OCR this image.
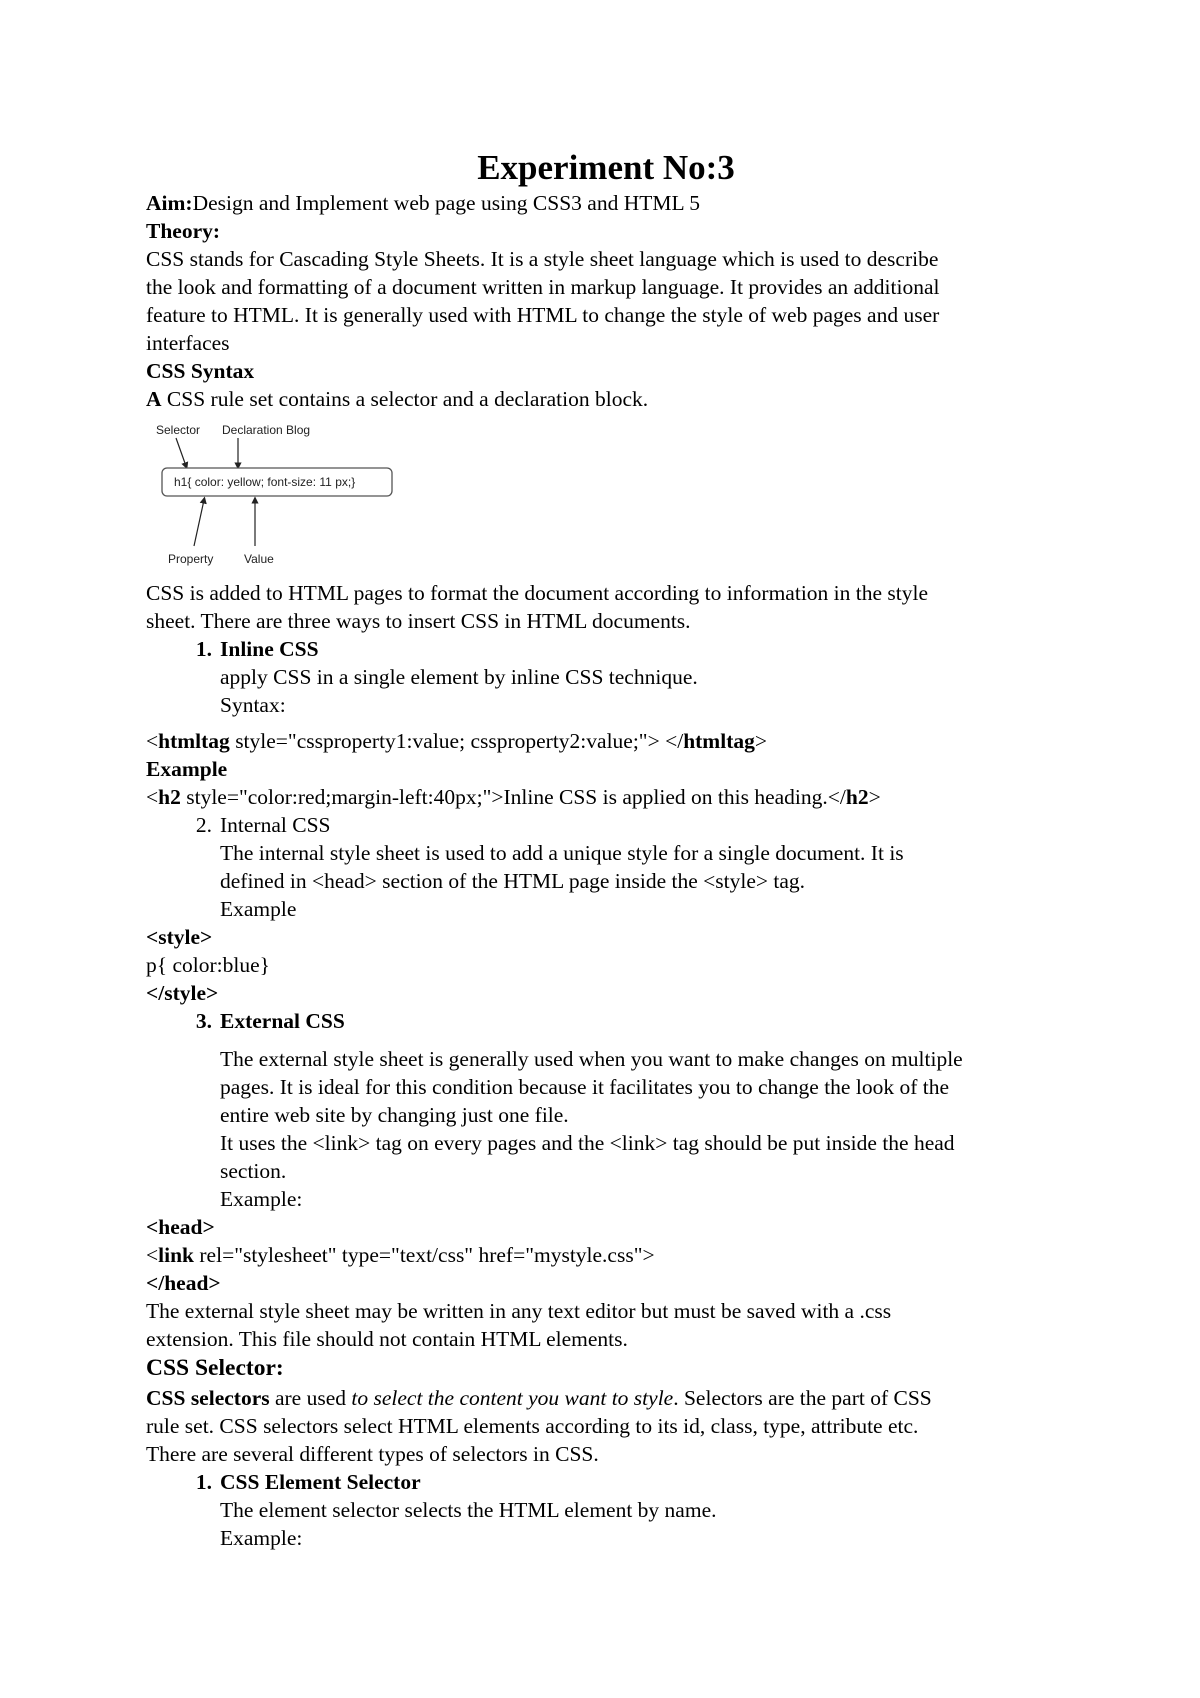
Experiment No:3
Aim:Design and Implement web page using CSS3 and HTML 5
Theory:
CSS stands for Cascading Style Sheets. It is a style sheet language which is used to describe
the look and formatting of a document written in markup language. It provides an additional
feature to HTML. It is generally used with HTML to change the style of web pages and user
interfaces
CSS Syntax
A CSS rule set contains a selector and a declaration block.
Selector Declaration Blog
h1{ color: yellow; font-size: 11 px;}
Property	Value
CSS is added to HTML pages to format the document according to information in the style
sheet. There are three ways to insert CSS in HTML documents.
1. Inline CSS
apply CSS in a single element by inline CSS technique.
Syntax:
<htmltag style="cssproperty1:value; cssproperty2:value;"> </htmltag>
Example
<h2 style="color:red;margin-left:40px;">Inline CSS is applied on this heading.</h2>
2. Internal CSS
The internal style sheet is used to add a unique style for a single document. It is
defined in <head> section of the HTML page inside the <style> tag.
Example
<style>
p{ color:blue}
</style>
3. External CSS
The external style sheet is generally used when you want to make changes on multiple
pages. It is ideal for this condition because it facilitates you to change the look of the
entire web site by changing just one file.
It uses the <link> tag on every pages and the <link> tag should be put inside the head
section.
Example:
<head>
<link rel="stylesheet" type="text/css" href="mystyle.css">
</head>
The external style sheet may be written in any text editor but must be saved with a .css
extension. This file should not contain HTML elements.
CSS Selector:
CSS selectors are used to select the content you want to style. Selectors are the part of CSS
rule set. CSS selectors select HTML elements according to its id, class, type, attribute etc.
There are several different types of selectors in CSS.
1. CSS Element Selector
The element selector selects the HTML element by name.
Example:
